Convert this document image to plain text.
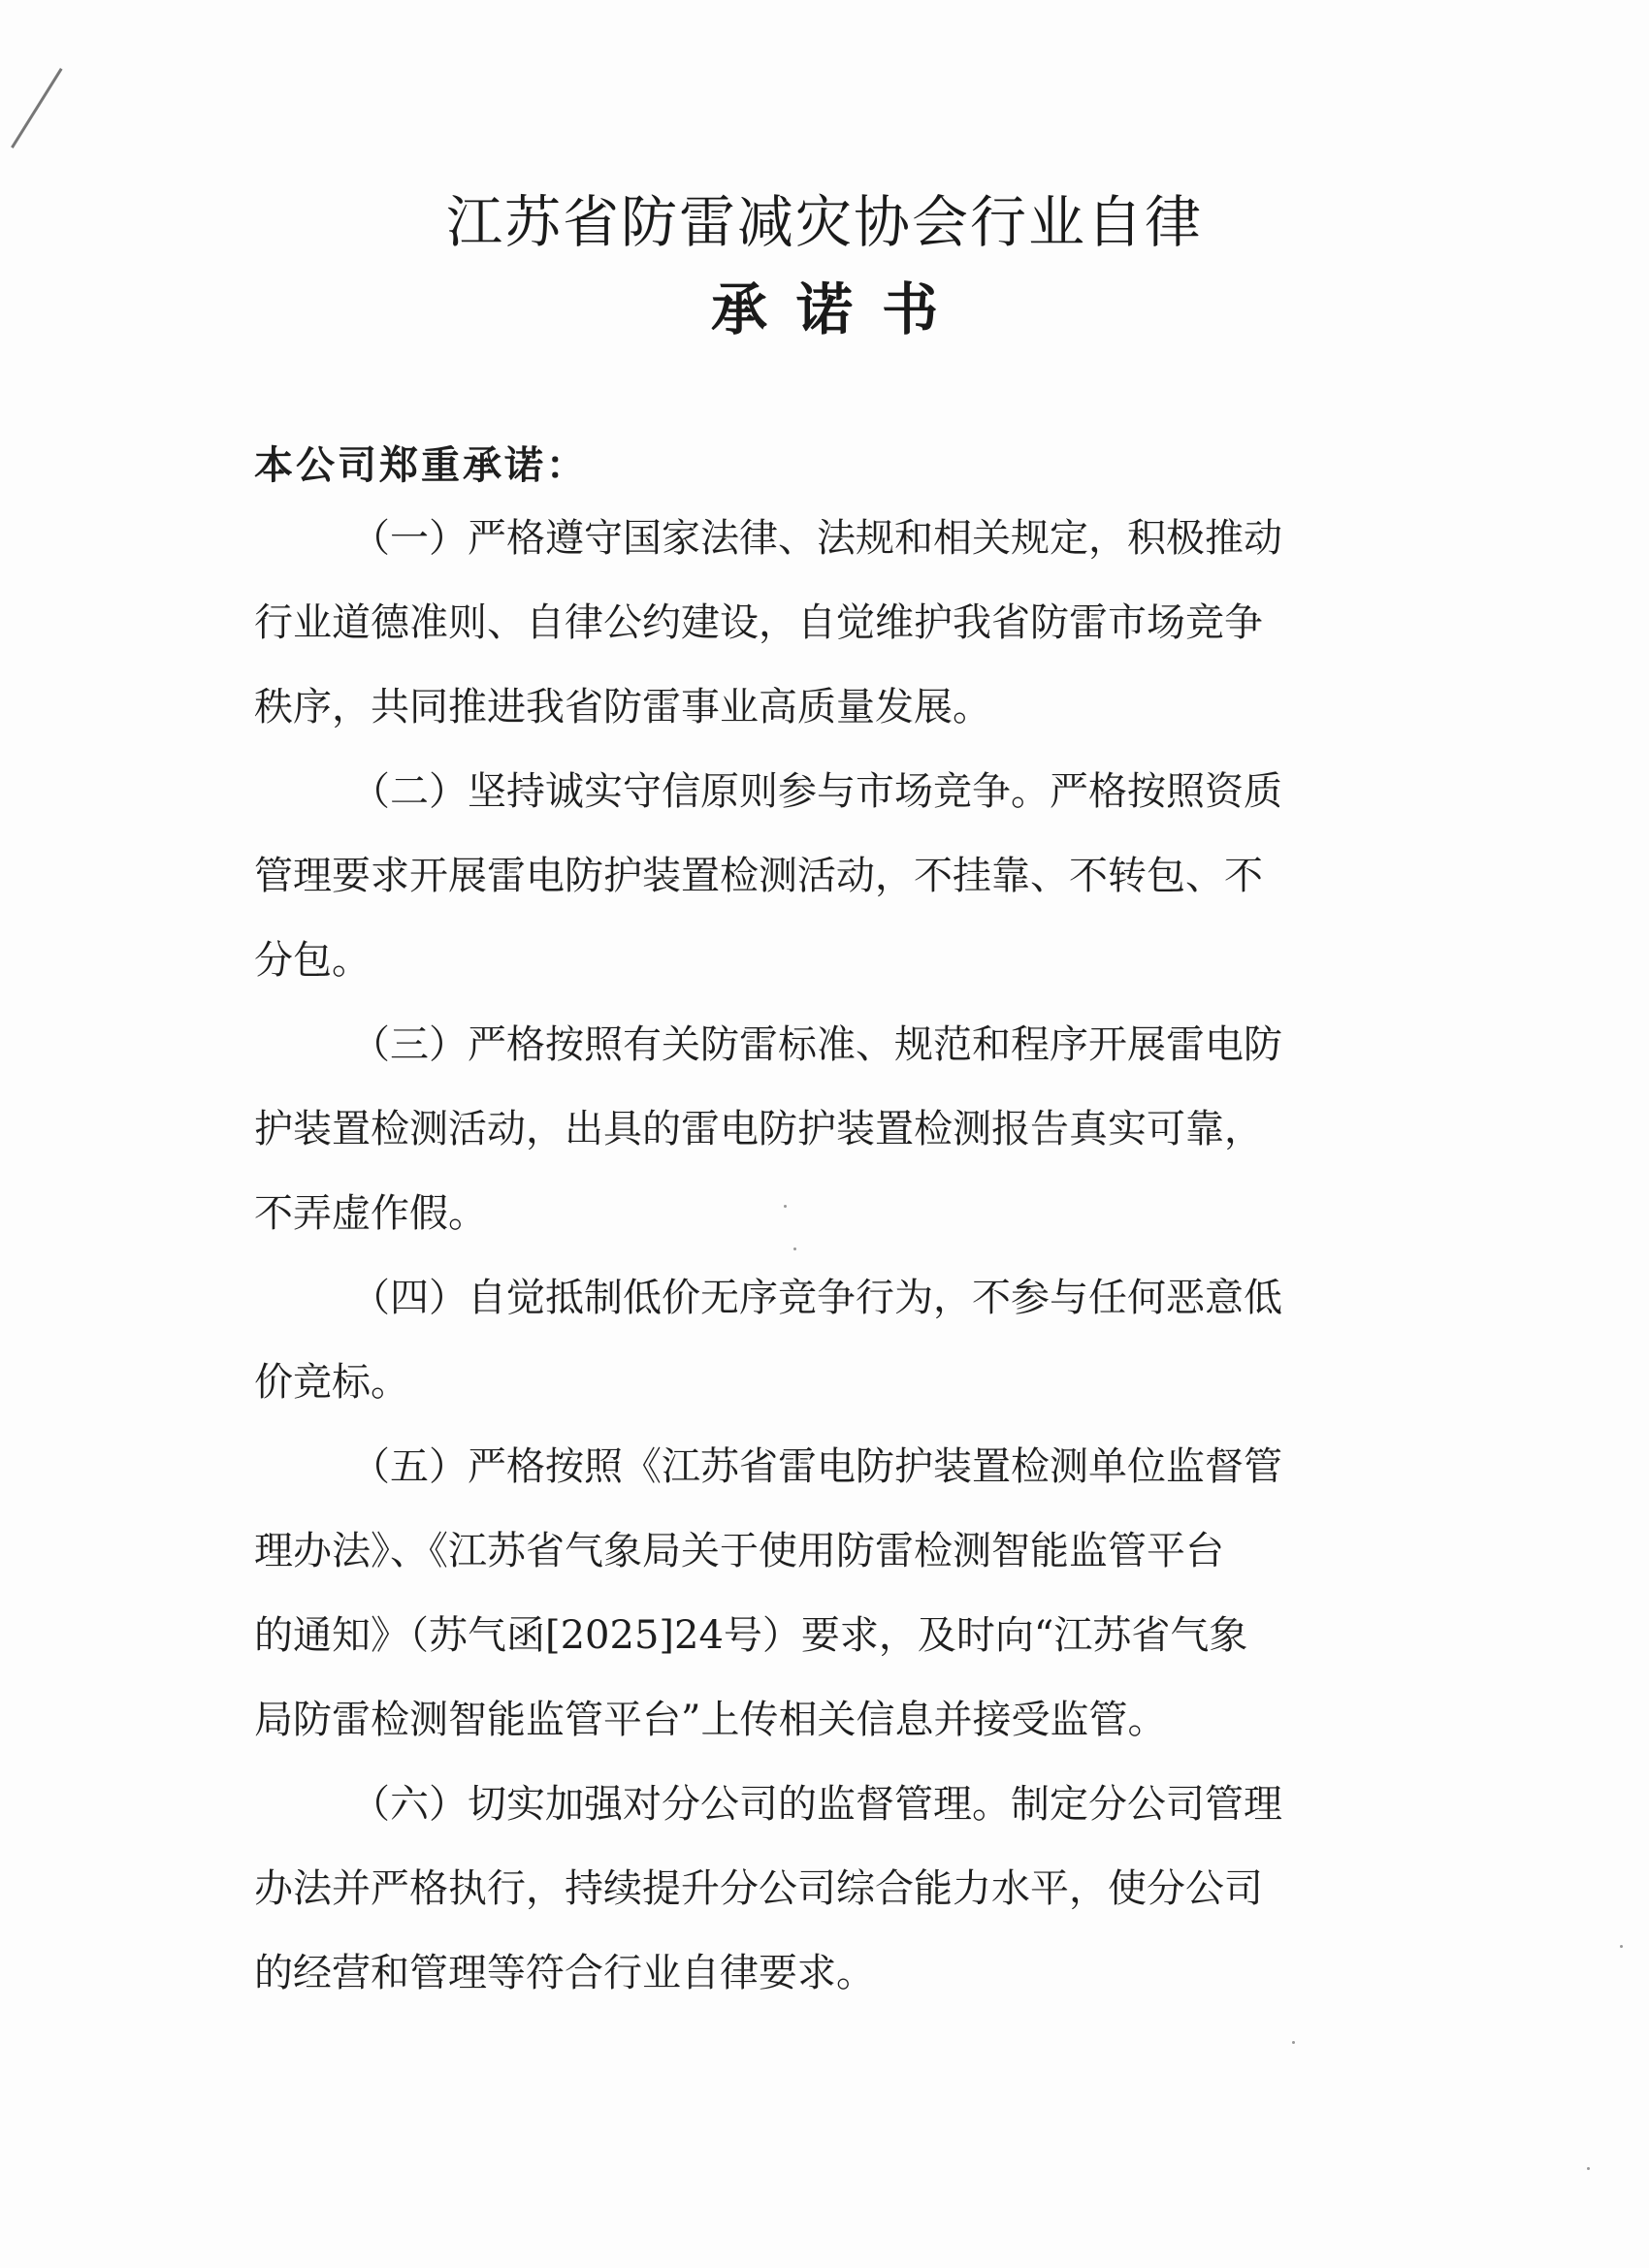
江苏省防雷减灾协会行业自律
承诺书
本公司郑重承诺：
（一）严格遵守国家法律、法规和相关规定，积极推动
行业道德准则、自律公约建设，自觉维护我省防雷市场竞争
秩序，共同推进我省防雷事业高质量发展。
（二）坚持诚实守信原则参与市场竞争。严格按照资质
管理要求开展雷电防护装置检测活动，不挂靠、不转包、不
分包。
（三）严格按照有关防雷标准、规范和程序开展雷电防
护装置检测活动，出具的雷电防护装置检测报告真实可靠，
不弄虚作假。
（四）自觉抵制低价无序竞争行为，不参与任何恶意低
价竞标。
（五）严格按照《江苏省雷电防护装置检测单位监督管
理办法》、《江苏省气象局关于使用防雷检测智能监管平台
的通知》（苏气函[2025]24号）要求，及时向“江苏省气象
局防雷检测智能监管平台”上传相关信息并接受监管。
（六）切实加强对分公司的监督管理。制定分公司管理
办法并严格执行，持续提升分公司综合能力水平，使分公司
的经营和管理等符合行业自律要求。
